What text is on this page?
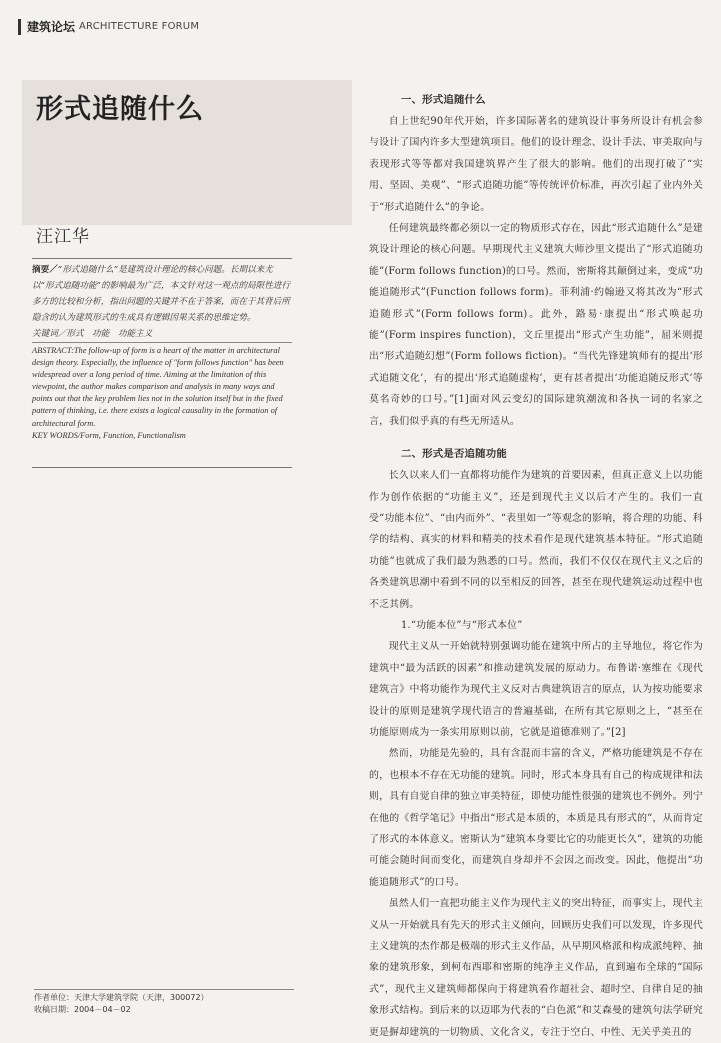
建筑论坛 ARCHITECTURE FORUM
形式追随什么
汪江华
摘要／“形式追随什么”是建筑设计理论的核心问题。长期以来尤以“形式追随功能”的影响最为广泛，本文针对这一观点的局限性进行多方的比较和分析，指出问题的关键并不在于答案，而在于其背后所隐含的认为建筑形式的生成具有逻辑因果关系的思维定势。
关键词／形式　功能　功能主义
ABSTRACT:The follow-up of form is a heart of the matter in architectural design theory. Especially, the influence of "form follows function" has been widespread over a long period of time. Aiming at the limitation of this viewpoint, the author makes comparison and analysis in many ways and points out that the key problem lies not in the solution itself but in the fixed pattern of thinking, i.e. there exists a logical causality in the formation of architectural form.
KEY WORDS/Form, Function, Functionalism
作者单位：天津大学建筑学院（天津，300072）
收稿日期：2004－04－02
一、形式追随什么

自上世纪90年代开始，许多国际著名的建筑设计事务所设计有机会参与设计了国内许多大型建筑项目。他们的设计理念、设计手法、审美取向与表现形式等等都对我国建筑界产生了很大的影响。他们的出现打破了“实用、坚固、美观”、“形式追随功能”等传统评价标准，再次引起了业内外关于“形式追随什么”的争论。

任何建筑最终都必须以一定的物质形式存在，因此“形式追随什么”是建筑设计理论的核心问题。早期现代主义建筑大师沙里文提出了“形式追随功能”(Form follows function)的口号。然而，密斯将其颠倒过来，变成“功能追随形式”(Function follows form)。菲利浦·约翰逊又将其改为“形式追随形式”(Form follows form)。此外，路易·康提出“形式唤起功能”(Form inspires function)，文丘里提出“形式产生功能”，屈米则提出“形式追随幻想”(Form follows fiction)。“当代先锋建筑师有的提出‘形式追随文化’，有的提出‘形式追随虚构’，更有甚者提出‘功能追随反形式’等莫名奇妙的口号。”[1]面对风云变幻的国际建筑潮流和各执一词的名家之言，我们似乎真的有些无所适从。

二、形式是否追随功能

长久以来人们一直都将功能作为建筑的首要因素，但真正意义上以功能作为创作依据的“功能主义”，还是到现代主义以后才产生的。我们一直受“功能本位”、“由内而外”、“表里如一”等观念的影响，将合理的功能、科学的结构、真实的材料和精美的技术看作是现代建筑基本特征。“形式追随功能”也就成了我们最为熟悉的口号。然而，我们不仅仅在现代主义之后的各类建筑思潮中看到不同的以至相反的回答，甚至在现代建筑运动过程中也不乏其例。

1.“功能本位”与“形式本位”

现代主义从一开始就特别强调功能在建筑中所占的主导地位，将它作为建筑中“最为活跃的因素”和推动建筑发展的原动力。布鲁诺·塞维在《现代建筑言》中将功能作为现代主义反对古典建筑语言的原点，认为按功能要求设计的原则是建筑学现代语言的普遍基础，在所有其它原则之上，“甚至在功能原则成为一条实用原则以前，它就是道德准则了。”[2]

然而，功能是先验的，具有含混而丰富的含义，严格功能建筑是不存在的，也根本不存在无功能的建筑。同时，形式本身具有自己的构成规律和法则，具有自觉自律的独立审美特征，即使功能性很强的建筑也不例外。列宁在他的《哲学笔记》中指出“形式是本质的，本质是具有形式的”，从而肯定了形式的本体意义。密斯认为“建筑本身要比它的功能更长久”，建筑的功能可能会随时间而变化，而建筑自身却并不会因之而改变。因此，他提出“功能追随形式”的口号。

虽然人们一直把功能主义作为现代主义的突出特征，而事实上，现代主义从一开始就具有先天的形式主义倾向，回顾历史我们可以发现，许多现代主义建筑的杰作都是极端的形式主义作品，从早期风格派和构成派纯粹、抽象的建筑形象，到柯布西耶和密斯的纯净主义作品，直到遍布全球的“国际式”，现代主义建筑师都保向于将建筑看作超社会、超时空、自律自足的抽象形式结构。到后来的以迈耶为代表的“白色派”和艾森曼的建筑句法学研究更是摒却建筑的一切物质、文化含义，专注于空白、中性、无关乎美丑的
